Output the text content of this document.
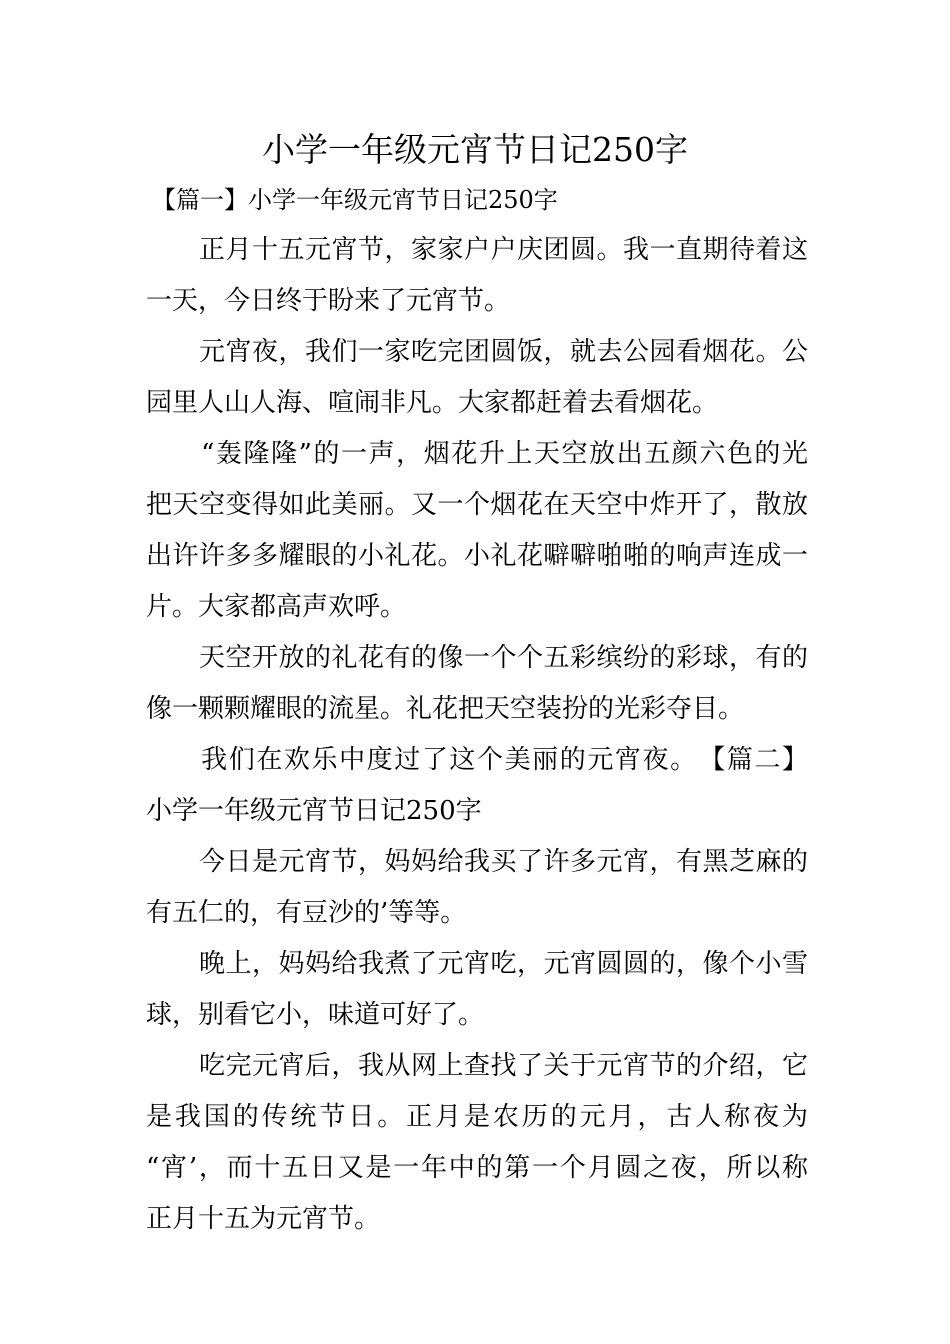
小学一年级元宵节日记250字
【篇一】小学一年级元宵节日记250字
　　正月十五元宵节，家家户户庆团圆。我一直期待着这
一天，今日终于盼来了元宵节。
　　元宵夜，我们一家吃完团圆饭，就去公园看烟花。公
园里人山人海、喧闹非凡。大家都赶着去看烟花。
　　“轰隆隆”的一声，烟花升上天空放出五颜六色的光
把天空变得如此美丽。又一个烟花在天空中炸开了，散放
出许许多多耀眼的小礼花。小礼花噼噼啪啪的响声连成一
片。大家都高声欢呼。
　　天空开放的礼花有的像一个个五彩缤纷的彩球，有的
像一颗颗耀眼的流星。礼花把天空装扮的光彩夺目。
　　我们在欢乐中度过了这个美丽的元宵夜。　【篇二】
小学一年级元宵节日记250字
　　今日是元宵节，妈妈给我买了许多元宵，有黑芝麻的
有五仁的，有豆沙的’等等。
　　晚上，妈妈给我煮了元宵吃，元宵圆圆的，像个小雪
球，别看它小，味道可好了。
　　吃完元宵后，我从网上查找了关于元宵节的介绍，它
是我国的传统节日。正月是农历的元月，古人称夜为
“宵’，而十五日又是一年中的第一个月圆之夜，所以称
正月十五为元宵节。
